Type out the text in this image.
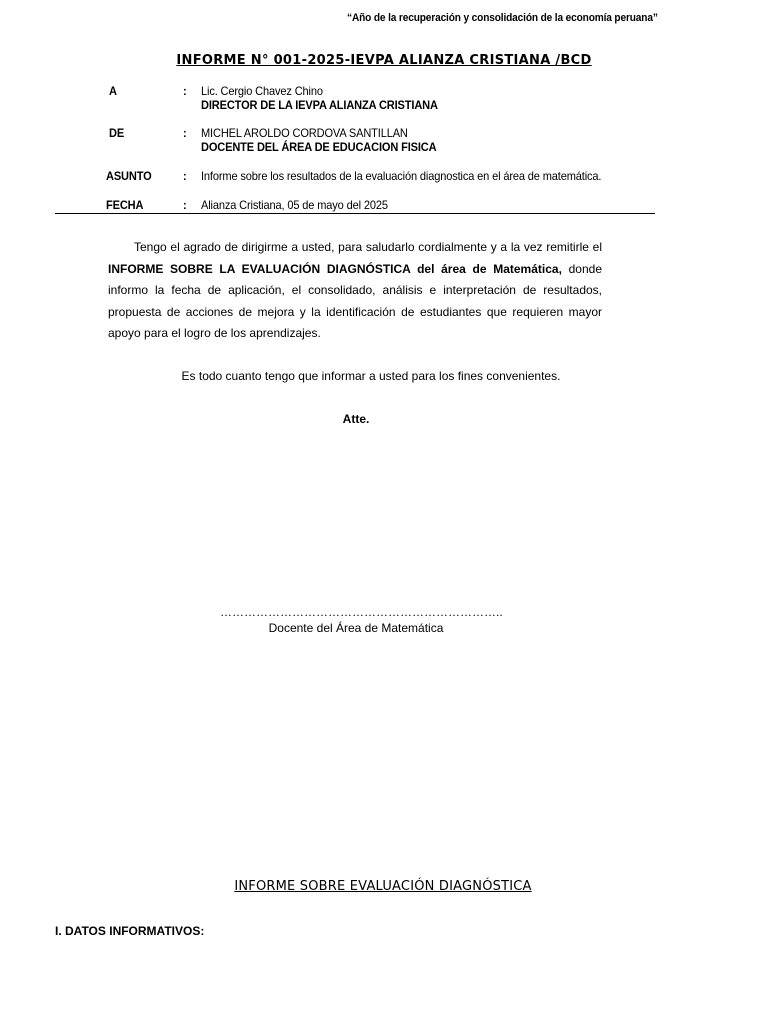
“Año de la recuperación y consolidación de la economía peruana”
INFORME N° 001-2025-IEVPA ALIANZA CRISTIANA /BCD
A	: Lic. Cergio Chavez Chino
DIRECTOR DE LA IEVPA ALIANZA CRISTIANA
DE	: MICHEL AROLDO CORDOVA SANTILLAN
DOCENTE DEL ÁREA DE EDUCACION FISICA
ASUNTO	: Informe sobre los resultados de la evaluación diagnostica en el área de matemática.
FECHA	: Alianza Cristiana, 05 de mayo del 2025
Tengo el agrado de dirigirme a usted, para saludarlo cordialmente y a la vez remitirle el INFORME SOBRE LA EVALUACIÓN DIAGNÓSTICA del área de Matemática, donde informo la fecha de aplicación, el consolidado, análisis e interpretación de resultados, propuesta de acciones de mejora y la identificación de estudiantes que requieren mayor apoyo para el logro de los aprendizajes.
Es todo cuanto tengo que informar a usted para los fines convenientes.
Atte.
……………………………………………………………..
Docente del Área de Matemática
INFORME SOBRE EVALUACIÓN DIAGNÓSTICA
I. DATOS INFORMATIVOS:
